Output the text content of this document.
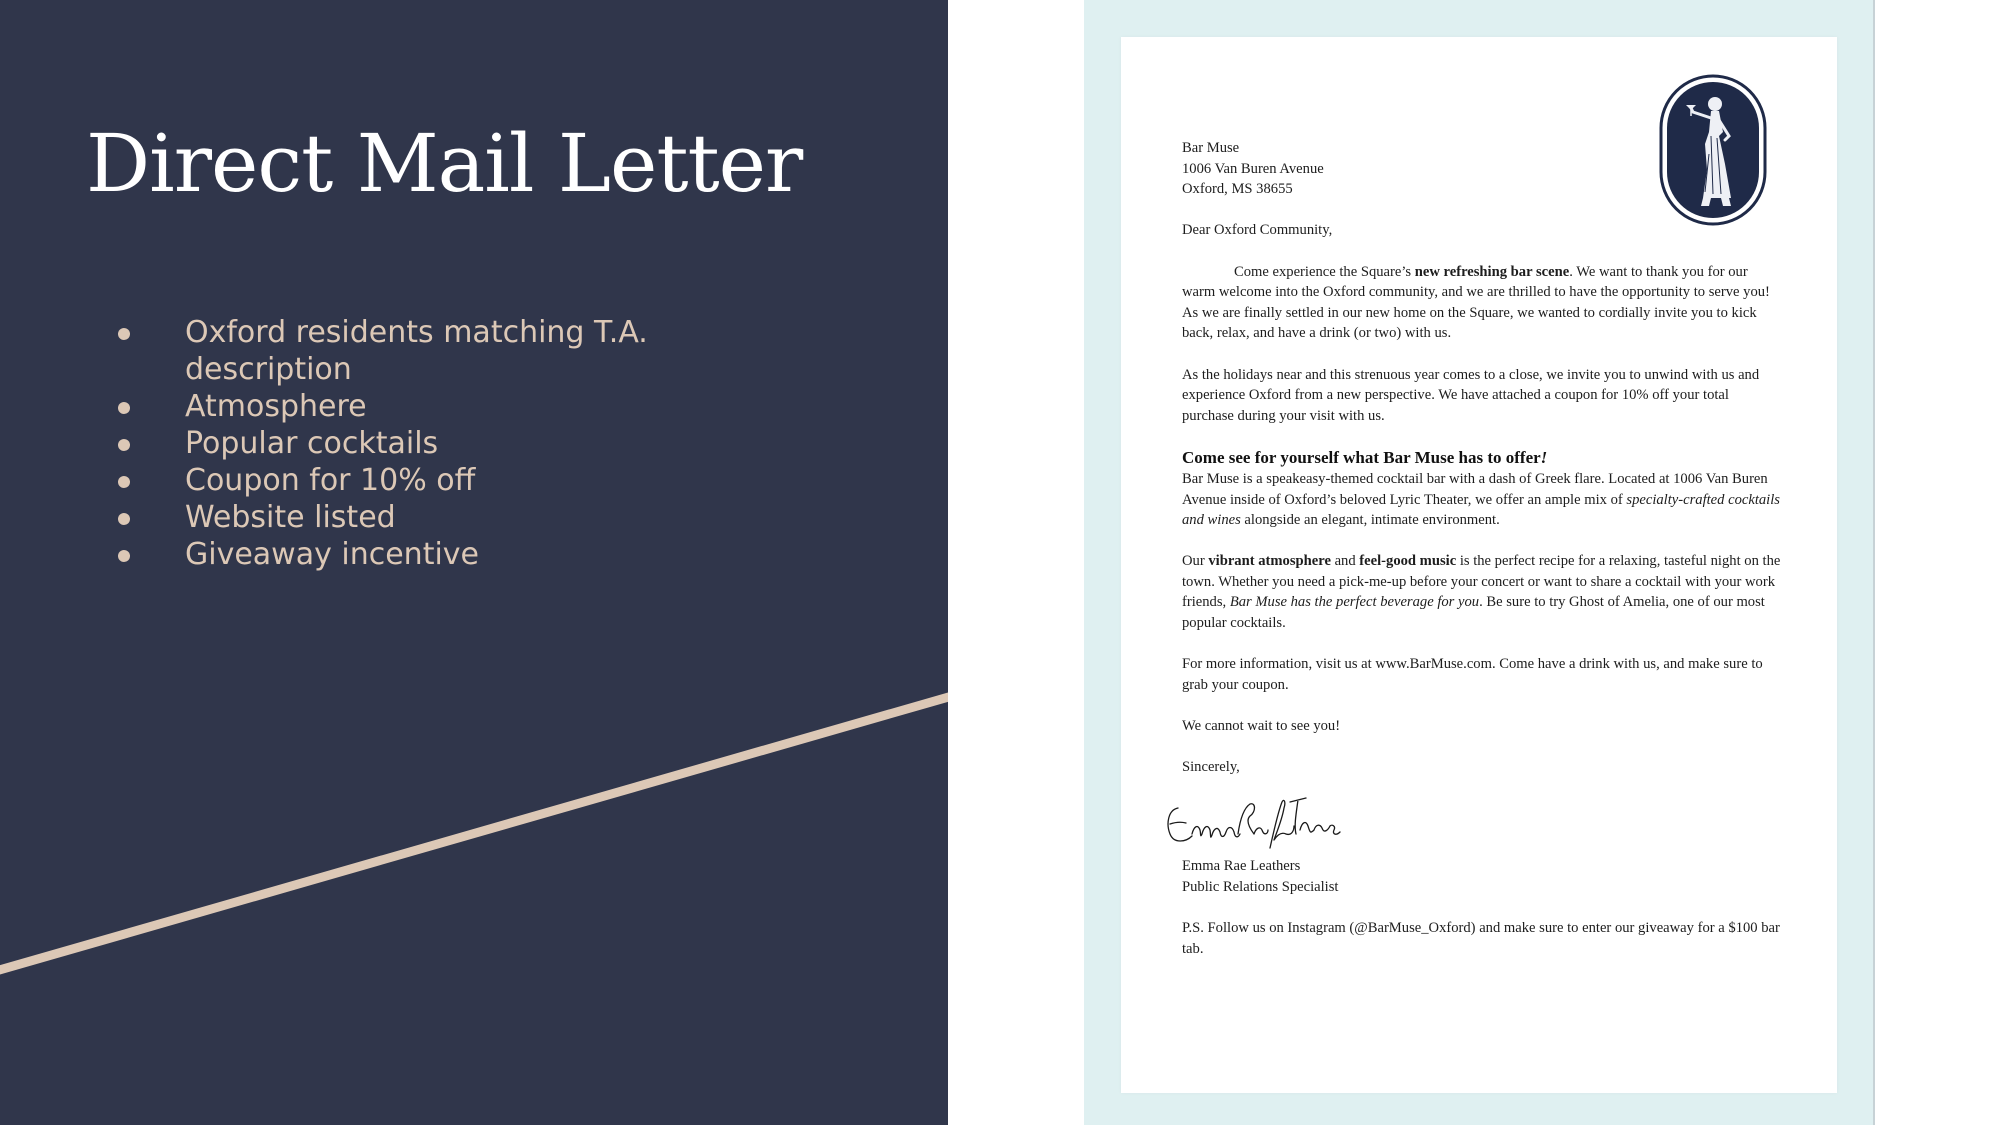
Direct Mail Letter
Oxford residents matching T.A. description
Atmosphere
Popular cocktails
Coupon for 10% off
Website listed
Giveaway incentive

Bar Muse
1006 Van Buren Avenue
Oxford, MS 38655

Dear Oxford Community,

Come experience the Square’s new refreshing bar scene. We want to thank you for our warm welcome into the Oxford community, and we are thrilled to have the opportunity to serve you! As we are finally settled in our new home on the Square, we wanted to cordially invite you to kick back, relax, and have a drink (or two) with us.

As the holidays near and this strenuous year comes to a close, we invite you to unwind with us and experience Oxford from a new perspective. We have attached a coupon for 10% off your total purchase during your visit with us.

Come see for yourself what Bar Muse has to offer!

Bar Muse is a speakeasy-themed cocktail bar with a dash of Greek flare. Located at 1006 Van Buren Avenue inside of Oxford’s beloved Lyric Theater, we offer an ample mix of specialty-crafted cocktails and wines alongside an elegant, intimate environment.

Our vibrant atmosphere and feel-good music is the perfect recipe for a relaxing, tasteful night on the town. Whether you need a pick-me-up before your concert or want to share a cocktail with your work friends, Bar Muse has the perfect beverage for you. Be sure to try Ghost of Amelia, one of our most popular cocktails.

For more information, visit us at www.BarMuse.com. Come have a drink with us, and make sure to grab your coupon.

We cannot wait to see you!

Sincerely,

Emma Rae Leathers
Public Relations Specialist

P.S. Follow us on Instagram (@BarMuse_Oxford) and make sure to enter our giveaway for a $100 bar tab.
